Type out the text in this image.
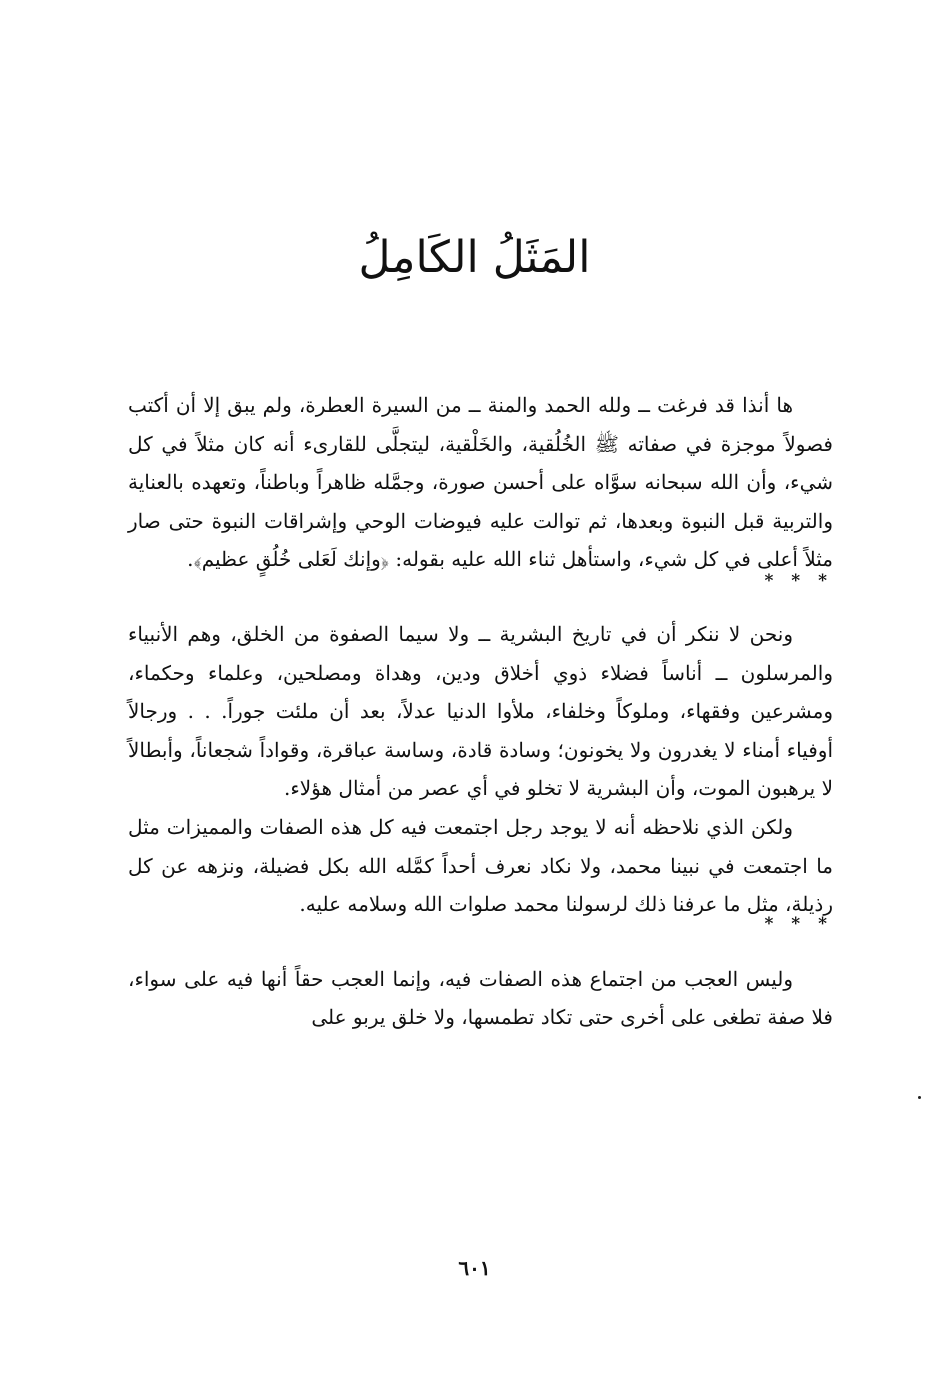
المَثَلُ الكَامِلُ

ها أنذا قد فرغت ــ ولله الحمد والمنة ــ من السيرة العطرة، ولم يبق إلا أن أكتب فصولاً موجزة في صفاته ﷺ الخُلُقية، والخَلْقية، ليتجلَّى للقارىء أنه كان مثلاً في كل شيء، وأن الله سبحانه سوَّاه على أحسن صورة، وجمَّله ظاهراً وباطناً، وتعهده بالعناية والتربية قبل النبوة وبعدها، ثم توالت عليه فيوضات الوحي وإشراقات النبوة حتى صار مثلاً أعلى في كل شيء، واستأهل ثناء الله عليه بقوله: ﴿وإنك لَعَلى خُلُقٍ عظيم﴾.

* * *

ونحن لا ننكر أن في تاريخ البشرية ــ ولا سيما الصفوة من الخلق، وهم الأنبياء والمرسلون ــ أناساً فضلاء ذوي أخلاق ودين، وهداة ومصلحين، وعلماء وحكماء، ومشرعين وفقهاء، وملوكاً وخلفاء، ملأوا الدنيا عدلاً، بعد أن ملئت جوراً. . . ورجالاً أوفياء أمناء لا يغدرون ولا يخونون؛ وسادة قادة، وساسة عباقرة، وقواداً شجعاناً، وأبطالاً لا يرهبون الموت، وأن البشرية لا تخلو في أي عصر من أمثال هؤلاء.

ولكن الذي نلاحظه أنه لا يوجد رجل اجتمعت فيه كل هذه الصفات والمميزات مثل ما اجتمعت في نبينا محمد، ولا نكاد نعرف أحداً كمَّله الله بكل فضيلة، ونزهه عن كل رذيلة، مثل ما عرفنا ذلك لرسولنا محمد صلوات الله وسلامه عليه.

* * *

وليس العجب من اجتماع هذه الصفات فيه، وإنما العجب حقاً أنها فيه على سواء، فلا صفة تطغى على أخرى حتى تكاد تطمسها، ولا خلق يربو على

٦٠١
